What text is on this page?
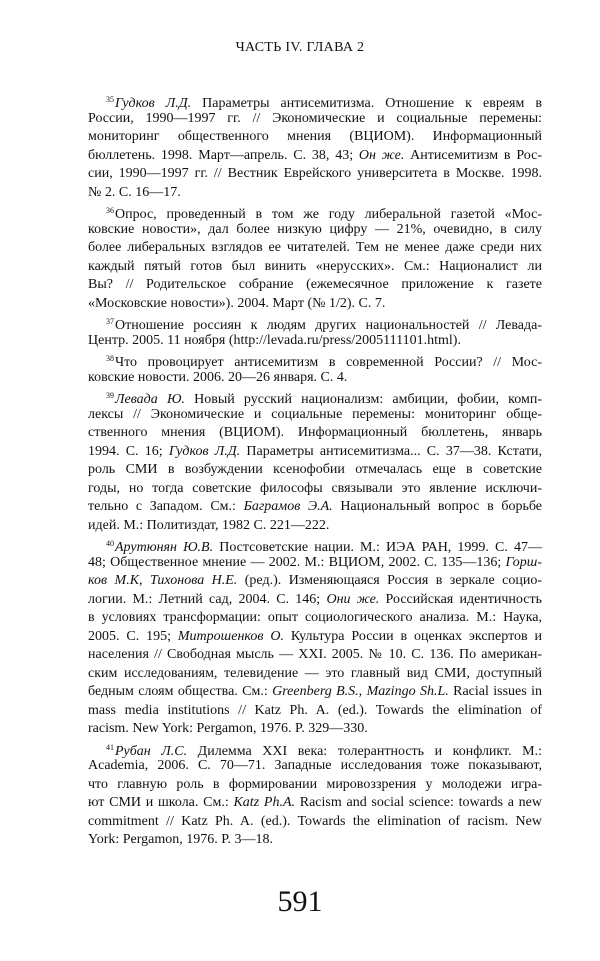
ЧАСТЬ IV. ГЛАВА 2
$^{35}$Гудков Л.Д. Параметры антисемитизма. Отношение к евреям в
России, 1990—1997 гг. // Экономические и социальные перемены:
мониторинг общественного мнения (ВЦИОМ). Информационный
бюллетень. 1998. Март—апрель. С. 38, 43; Он же. Антисемитизм в Рос-
сии, 1990—1997 гг. // Вестник Еврейского университета в Москве. 1998.
№ 2. С. 16—17.
$^{36}$Опрос, проведенный в том же году либеральной газетой «Мос-
ковские новости», дал более низкую цифру — 21%, очевидно, в силу
более либеральных взглядов ее читателей. Тем не менее даже среди них
каждый пятый готов был винить «нерусских». См.: Националист ли
Вы? // Родительское собрание (ежемесячное приложение к газете
«Московские новости»). 2004. Март (№ 1/2). С. 7.
$^{37}$Отношение россиян к людям других национальностей // Левада-
Центр. 2005. 11 ноября (http://levada.ru/press/2005111101.html).
$^{38}$Что провоцирует антисемитизм в современной России? // Мос-
ковские новости. 2006. 20—26 января. С. 4.
$^{39}$Левада Ю. Новый русский национализм: амбиции, фобии, комп-
лексы // Экономические и социальные перемены: мониторинг обще-
ственного мнения (ВЦИОМ). Информационный бюллетень, январь
1994. С. 16; Гудков Л.Д. Параметры антисемитизма... С. 37—38. Кстати,
роль СМИ в возбуждении ксенофобии отмечалась еще в советские
годы, но тогда советские философы связывали это явление исключи-
тельно с Западом. См.: Баграмов Э.А. Национальный вопрос в борьбе
идей. М.: Политиздат, 1982 С. 221—222.
$^{40}$Арутюнян Ю.В. Постсоветские нации. М.: ИЭА РАН, 1999. С. 47—
48; Общественное мнение — 2002. М.: ВЦИОМ, 2002. С. 135—136; Горш-
ков М.К, Тихонова Н.Е. (ред.). Изменяющаяся Россия в зеркале социо-
логии. М.: Летний сад, 2004. С. 146; Они же. Российская идентичность
в условиях трансформации: опыт социологического анализа. М.: Наука,
2005. С. 195; Митрошенков О. Культура России в оценках экспертов и
населения // Свободная мысль — XXI. 2005. № 10. С. 136. По американ-
ским исследованиям, телевидение — это главный вид СМИ, доступный
бедным слоям общества. См.: Greenberg B.S., Mazingo Sh.L. Racial issues in
mass media institutions // Katz Ph. A. (ed.). Towards the elimination of
racism. New York: Pergamon, 1976. P. 329—330.
$^{41}$Рубан Л.С. Дилемма XXI века: толерантность и конфликт. М.:
Academia, 2006. С. 70—71. Западные исследования тоже показывают,
что главную роль в формировании мировоззрения у молодежи игра-
ют СМИ и школа. См.: Katz Ph.A. Racism and social science: towards a new
commitment // Katz Ph. A. (ed.). Towards the elimination of racism. New
York: Pergamon, 1976. P. 3—18.
591
